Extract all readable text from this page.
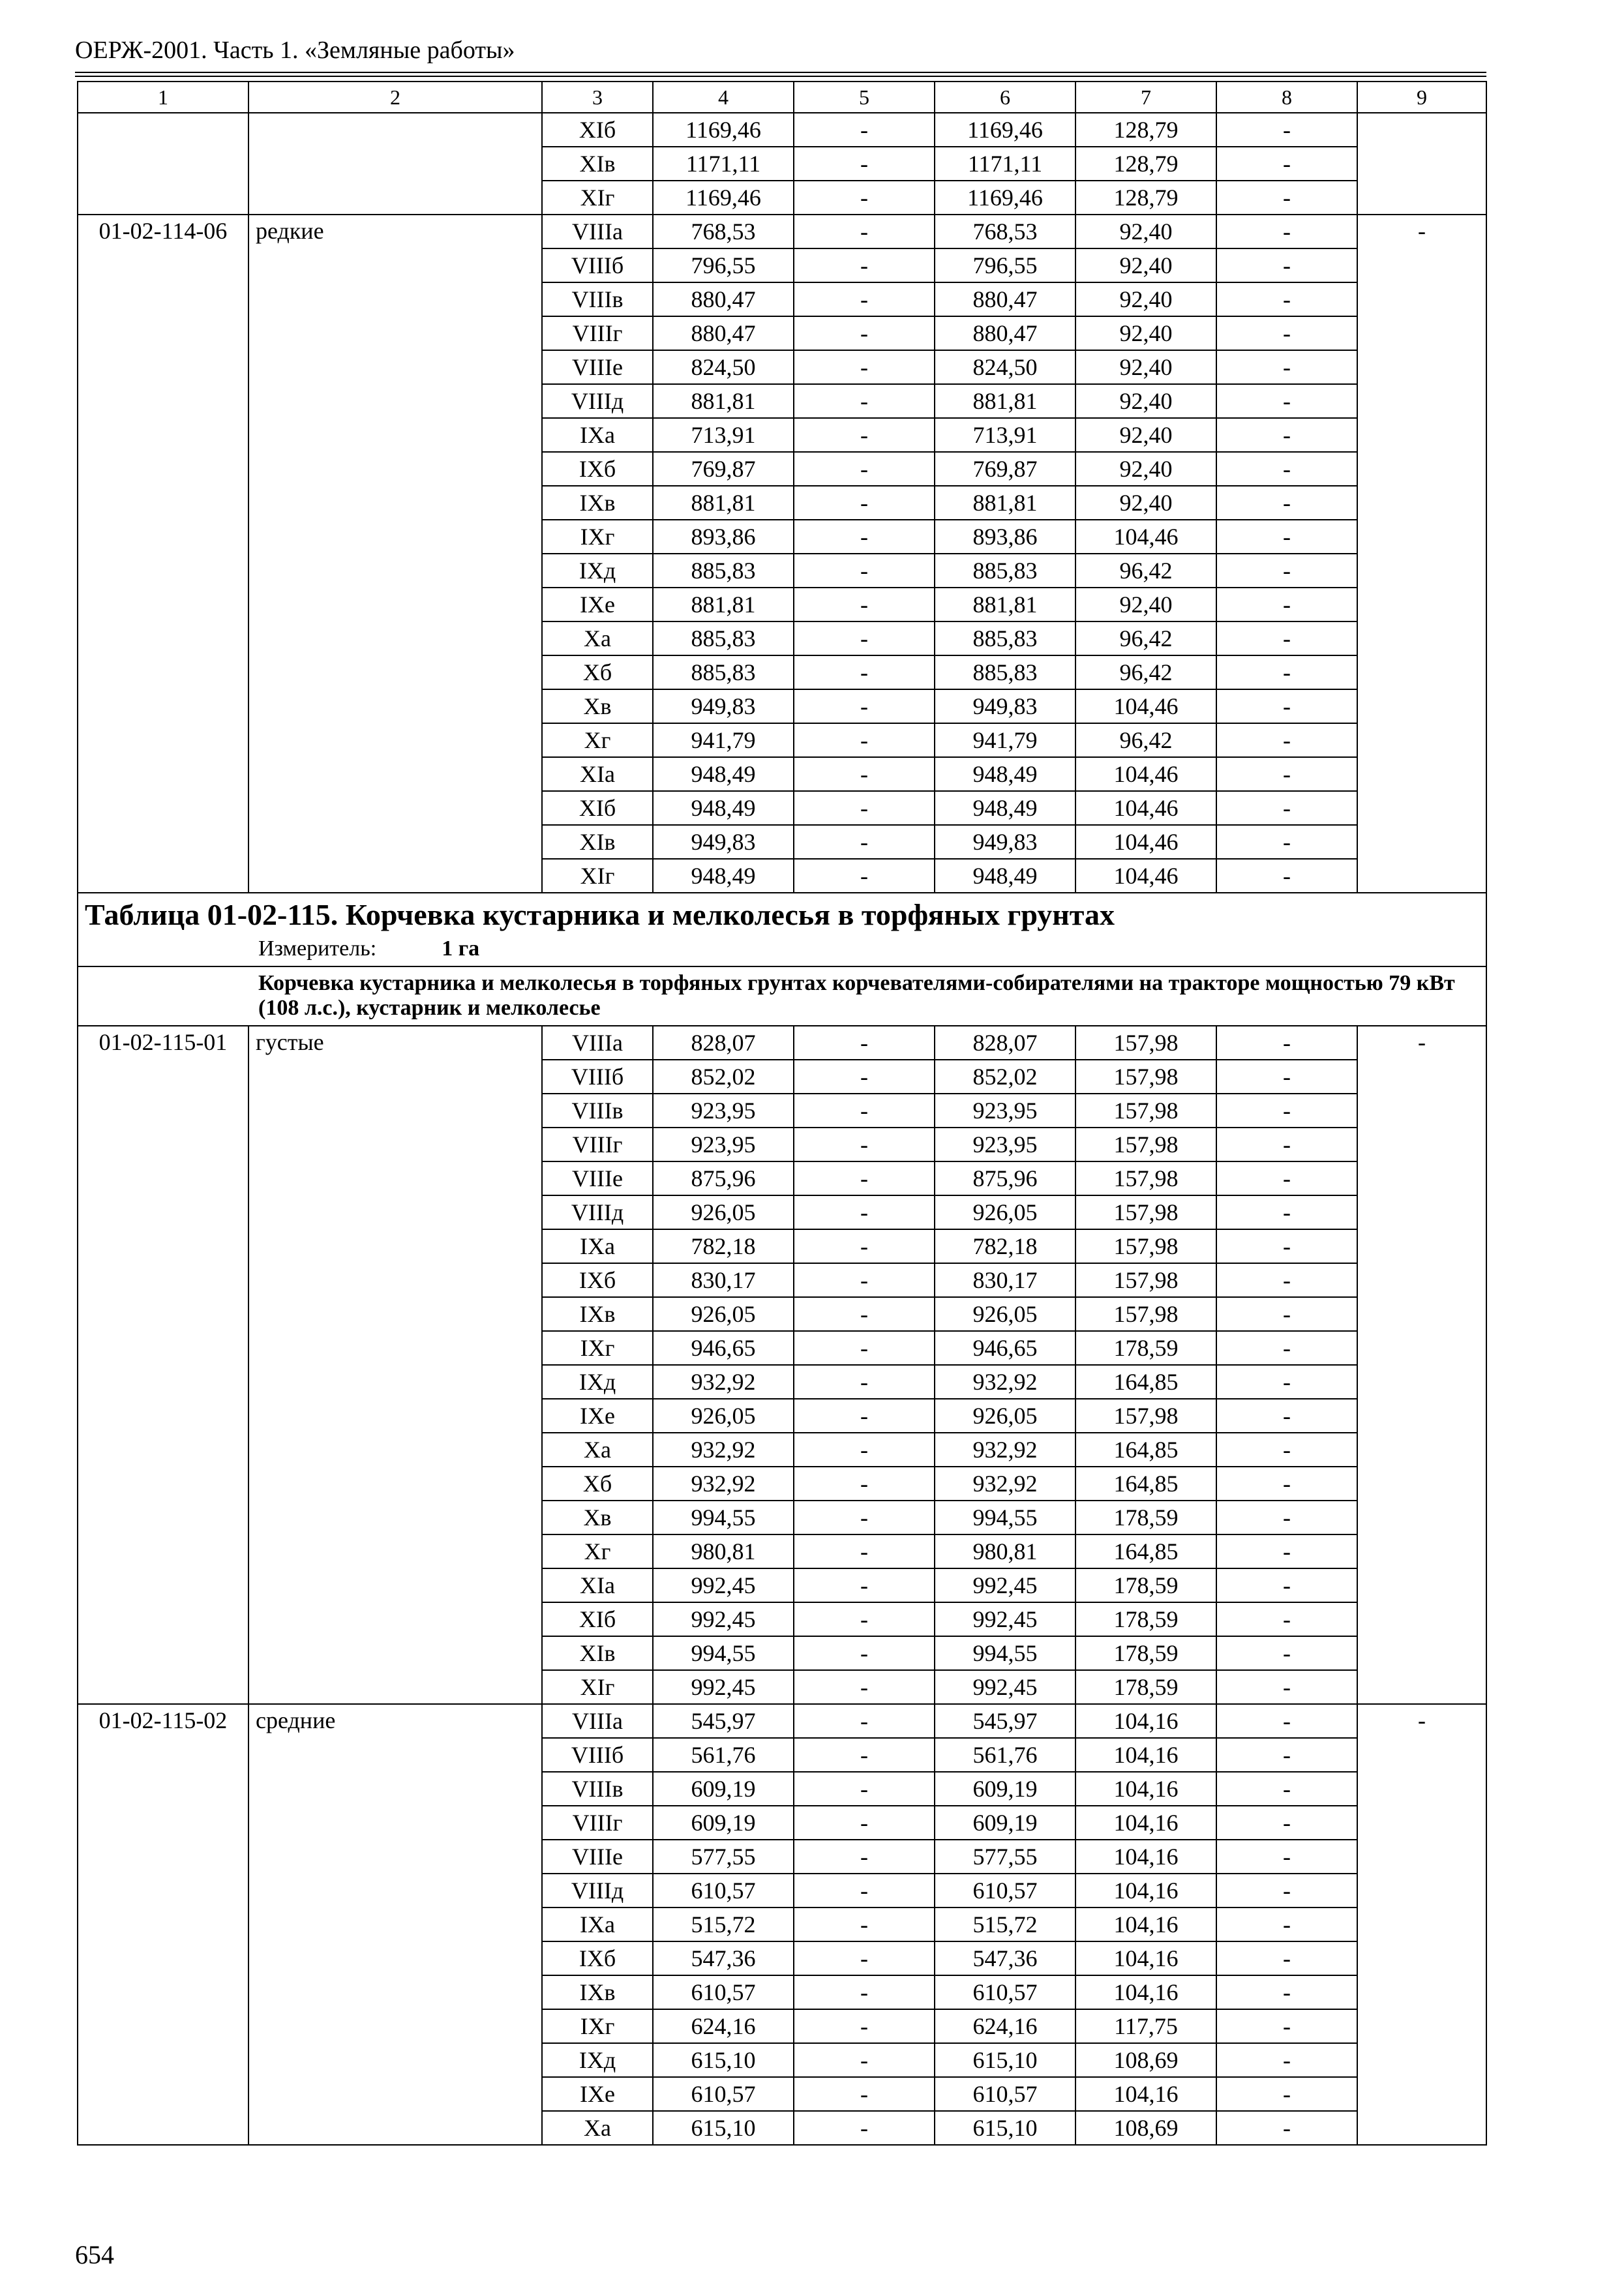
ОЕРЖ-2001. Часть 1. «Земляные работы»
1	2	3	4	5	6	7	8	9
		XIб	1169,46	-	1169,46	128,79	-	
		XIв	1171,11	-	1171,11	128,79	-	
		XIг	1169,46	-	1169,46	128,79	-	
01-02-114-06	редкие	VIIIа	768,53	-	768,53	92,40	-	-
		VIIIб	796,55	-	796,55	92,40	-	
		VIIIв	880,47	-	880,47	92,40	-	
		VIIIг	880,47	-	880,47	92,40	-	
		VIIIе	824,50	-	824,50	92,40	-	
		VIIIд	881,81	-	881,81	92,40	-	
		IXа	713,91	-	713,91	92,40	-	
		IXб	769,87	-	769,87	92,40	-	
		IXв	881,81	-	881,81	92,40	-	
		IXг	893,86	-	893,86	104,46	-	
		IXд	885,83	-	885,83	96,42	-	
		IXе	881,81	-	881,81	92,40	-	
		Xа	885,83	-	885,83	96,42	-	
		Xб	885,83	-	885,83	96,42	-	
		Xв	949,83	-	949,83	104,46	-	
		Xг	941,79	-	941,79	96,42	-	
		XIа	948,49	-	948,49	104,46	-	
		XIб	948,49	-	948,49	104,46	-	
		XIв	949,83	-	949,83	104,46	-	
		XIг	948,49	-	948,49	104,46	-	

Таблица 01-02-115. Корчевка кустарника и мелколесья в торфяных грунтах
Измеритель: 1 га								

Корчевка кустарника и мелколесья в торфяных грунтах корчевателями-собирателями на тракторе мощностью 79 кВт (108 л.с.), кустарник и мелколесье								
01-02-115-01	густые	VIIIа	828,07	-	828,07	157,98	-	-
		VIIIб	852,02	-	852,02	157,98	-	
		VIIIв	923,95	-	923,95	157,98	-	
		VIIIг	923,95	-	923,95	157,98	-	
		VIIIе	875,96	-	875,96	157,98	-	
		VIIIд	926,05	-	926,05	157,98	-	
		IXа	782,18	-	782,18	157,98	-	
		IXб	830,17	-	830,17	157,98	-	
		IXв	926,05	-	926,05	157,98	-	
		IXг	946,65	-	946,65	178,59	-	
		IXд	932,92	-	932,92	164,85	-	
		IXе	926,05	-	926,05	157,98	-	
		Xа	932,92	-	932,92	164,85	-	
		Xб	932,92	-	932,92	164,85	-	
		Xв	994,55	-	994,55	178,59	-	
		Xг	980,81	-	980,81	164,85	-	
		XIа	992,45	-	992,45	178,59	-	
		XIб	992,45	-	992,45	178,59	-	
		XIв	994,55	-	994,55	178,59	-	
		XIг	992,45	-	992,45	178,59	-	
01-02-115-02	средние	VIIIа	545,97	-	545,97	104,16	-	-
		VIIIб	561,76	-	561,76	104,16	-	
		VIIIв	609,19	-	609,19	104,16	-	
		VIIIг	609,19	-	609,19	104,16	-	
		VIIIе	577,55	-	577,55	104,16	-	
		VIIIд	610,57	-	610,57	104,16	-	
		IXа	515,72	-	515,72	104,16	-	
		IXб	547,36	-	547,36	104,16	-	
		IXв	610,57	-	610,57	104,16	-	
		IXг	624,16	-	624,16	117,75	-	
		IXд	615,10	-	615,10	108,69	-	
		IXе	610,57	-	610,57	104,16	-	
		Xа	615,10	-	615,10	108,69	-	
654
